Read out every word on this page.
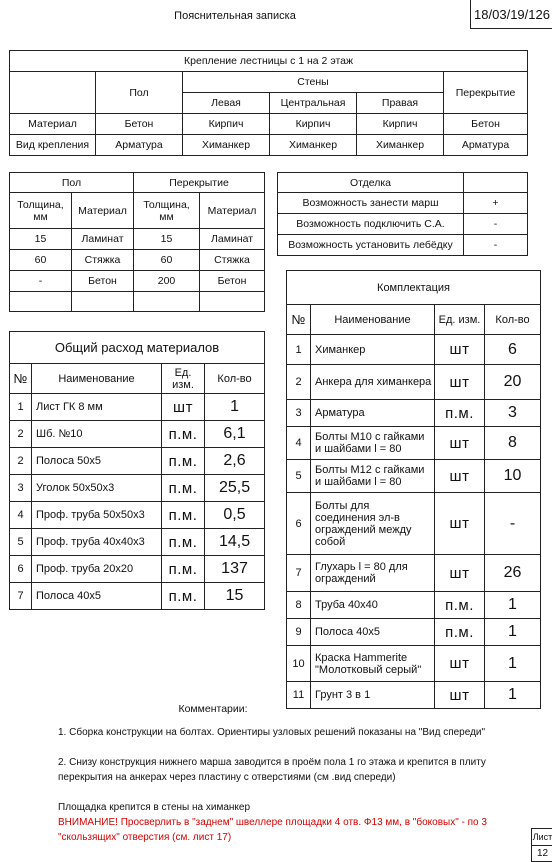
Пояснительная записка	18/03/19/126
Крепление лестницы с 1 на 2 этаж					
	Пол	Стены			Перекрытие
		Левая	Центральная	Правая	
Материал	Бетон	Кирпич	Кирпич	Кирпич	Бетон
Вид крепления	Арматура	Химанкер	Химанкер	Химанкер	Арматура
Пол		Перекрытие	
Толщина, мм	Материал	Толщина, мм	Материал
15	Ламинат	15	Ламинат
60	Стяжка	60	Стяжка
-	Бетон	200	Бетон

Отделка	
Возможность занести марш	+
Возможность подключить С.А.	-
Возможность установить лебёдку	-
Общий расход материалов			
№	Наименование	Ед. изм.	Кол-во
1	Лист ГК 8 мм	шт	1
2	Шб. №10	п.м.	6,1
2	Полоса 50х5	п.м.	2,6
3	Уголок 50х50х3	п.м.	25,5
4	Проф. труба 50х50х3	п.м.	0,5
5	Проф. труба 40х40х3	п.м.	14,5
6	Проф. труба 20х20	п.м.	137
7	Полоса 40х5	п.м.	15
Комплектация			
№	Наименование	Ед. изм.	Кол-во
1	Химанкер	шт	6
2	Анкера для химанкера	шт	20
3	Арматура	п.м.	3
4	Болты М10 с гайками и шайбами l = 80	шт	8
5	Болты М12 с гайками и шайбами l = 80	шт	10
6	Болты для соединения эл-в ограждений между собой	шт	-
7	Глухарь l = 80 для ограждений	шт	26
8	Труба 40х40	п.м.	1
9	Полоса 40х5	п.м.	1
10	Краска Hammerite "Молотковый серый"	шт	1
11	Грунт 3 в 1	шт	1
Комментарии:
1. Сборка конструкции на болтах. Ориентиры узловых решений показаны на "Вид спереди"
2. Снизу конструкция нижнего марша заводится в проём пола 1 го этажа и крепится в плиту
перекрытия на анкерах через пластину с отверстиями (см .вид спереди)
Площадка крепится в стены на химанкер
ВНИМАНИЕ! Просверлить в "заднем" швеллере площадки 4 отв. Ф13 мм, в "боковых" - по 3
"скользящих" отверстия (см. лист 17)	Лист
12
